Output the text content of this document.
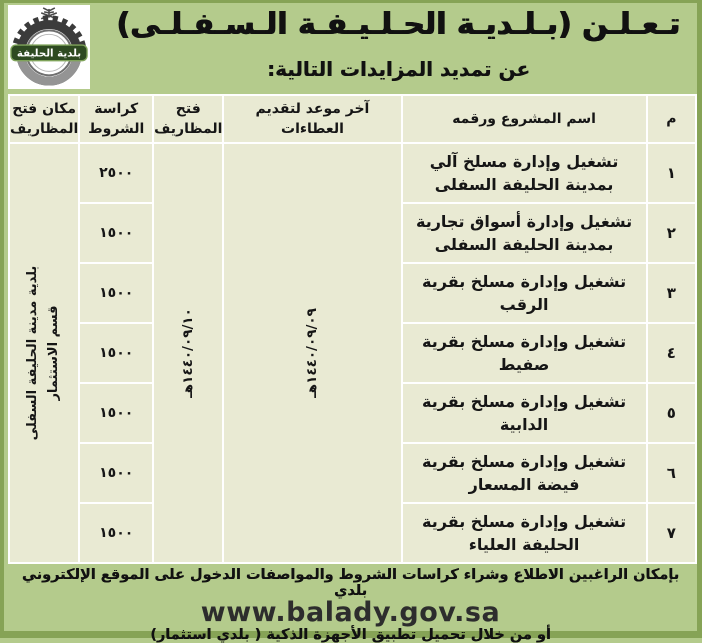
بلدية الحليفة
تـعـلـن (بـلـديـة الحـلـيـفـة الـسـفـلـى)
عن تمديد المزايدات التالية:
م	اسم المشروع ورقمه	آخر موعد لتقديم العطاءات	فتح المظاريف	كراسة الشروط	مكان فتح المظاريف
١	تشغيل وإدارة مسلخ آلي بمدينة الحليفة السفلى	١٤٤٠/٠٩/٠٩هـ	١٤٤٠/٠٩/١٠هـ	٢٥٠٠	بلدية مدينة الحليفة السفلى قسم الاستثمار

٢	تشغيل وإدارة أسواق تجارية بمدينة الحليفة السفلى			١٥٠٠	
٣	تشغيل وإدارة مسلخ بقرية الرقب			١٥٠٠	
٤	تشغيل وإدارة مسلخ بقرية صفيط			١٥٠٠	
٥	تشغيل وإدارة مسلخ بقرية الدابية			١٥٠٠	
٦	تشغيل وإدارة مسلخ بقرية فيضة المسعار			١٥٠٠	
٧	تشغيل وإدارة مسلخ بقرية الحليفة العلياء			١٥٠٠	
بإمكان الراغبين الاطلاع وشراء كراسات الشروط والمواصفات الدخول على الموقع الإلكتروني بلدي
www.balady.gov.sa
أو من خلال تحميل تطبيق الأجهزة الذكية ( بلدي استثمار)
